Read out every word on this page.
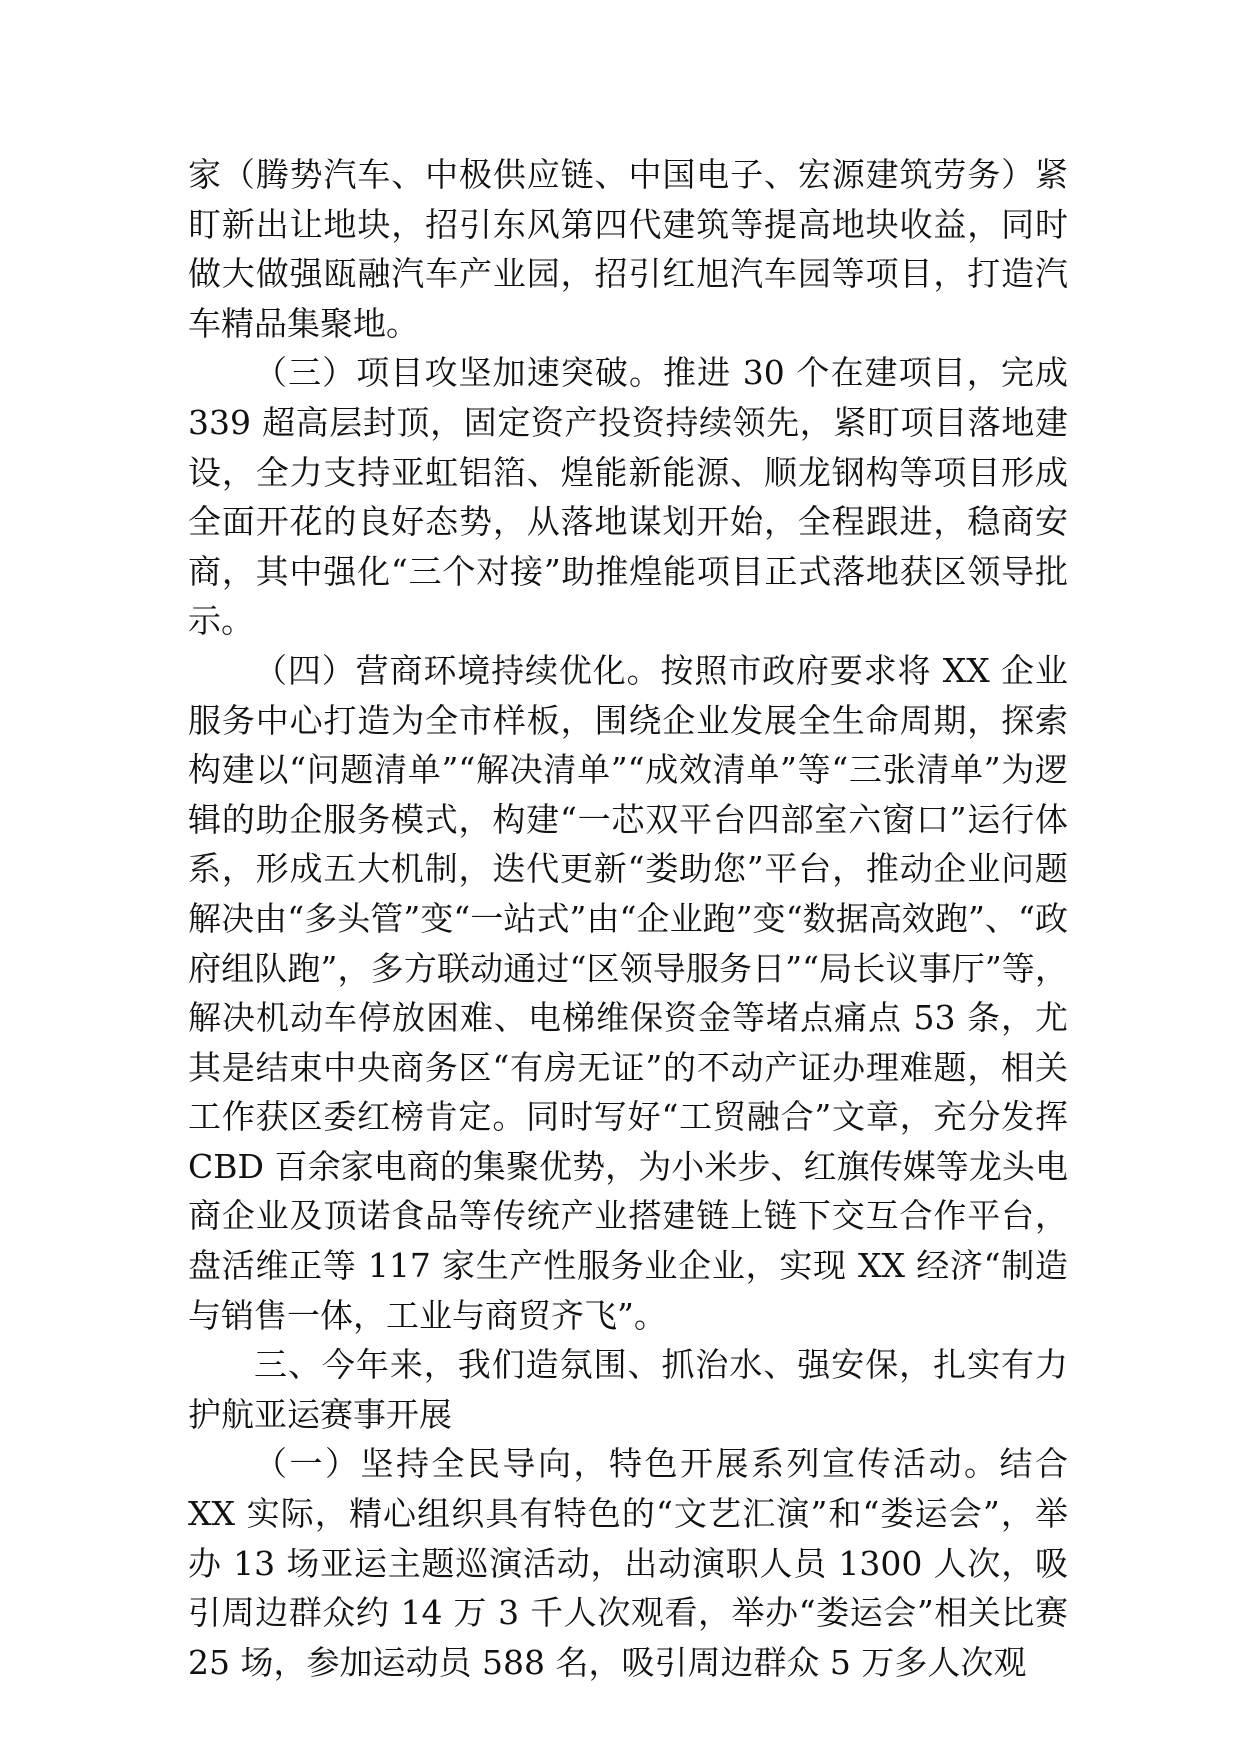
家（腾势汽车、中极供应链、中国电子、宏源建筑劳务）紧盯新出让地块，招引东风第四代建筑等提高地块收益，同时做大做强瓯融汽车产业园，招引红旭汽车园等项目，打造汽车精品集聚地。

（三）项目攻坚加速突破。推进 30 个在建项目，完成 339 超高层封顶，固定资产投资持续领先，紧盯项目落地建设，全力支持亚虹铝箔、煌能新能源、顺龙钢构等项目形成全面开花的良好态势，从落地谋划开始，全程跟进，稳商安商，其中强化“三个对接”助推煌能项目正式落地获区领导批示。

（四）营商环境持续优化。按照市政府要求将 XX 企业服务中心打造为全市样板，围绕企业发展全生命周期，探索构建以“问题清单”“解决清单”“成效清单”等“三张清单”为逻辑的助企服务模式，构建“一芯双平台四部室六窗口”运行体系，形成五大机制，迭代更新“娄助您”平台，推动企业问题解决由“多头管”变“一站式”由“企业跑”变“数据高效跑”、“政府组队跑”，多方联动通过“区领导服务日”“局长议事厅”等，解决机动车停放困难、电梯维保资金等堵点痛点 53 条，尤其是结束中央商务区“有房无证”的不动产证办理难题，相关工作获区委红榜肯定。同时写好“工贸融合”文章，充分发挥 CBD 百余家电商的集聚优势，为小米步、红旗传媒等龙头电商企业及顶诺食品等传统产业搭建链上链下交互合作平台，盘活维正等 117 家生产性服务业企业，实现 XX 经济“制造与销售一体，工业与商贸齐飞”。

三、今年来，我们造氛围、抓治水、强安保，扎实有力护航亚运赛事开展

（一）坚持全民导向，特色开展系列宣传活动。结合 XX 实际，精心组织具有特色的“文艺汇演”和“娄运会”，举办 13 场亚运主题巡演活动，出动演职人员 1300 人次，吸引周边群众约 14 万 3 千人次观看，举办“娄运会”相关比赛 25 场，参加运动员 588 名，吸引周边群众 5 万多人次观
